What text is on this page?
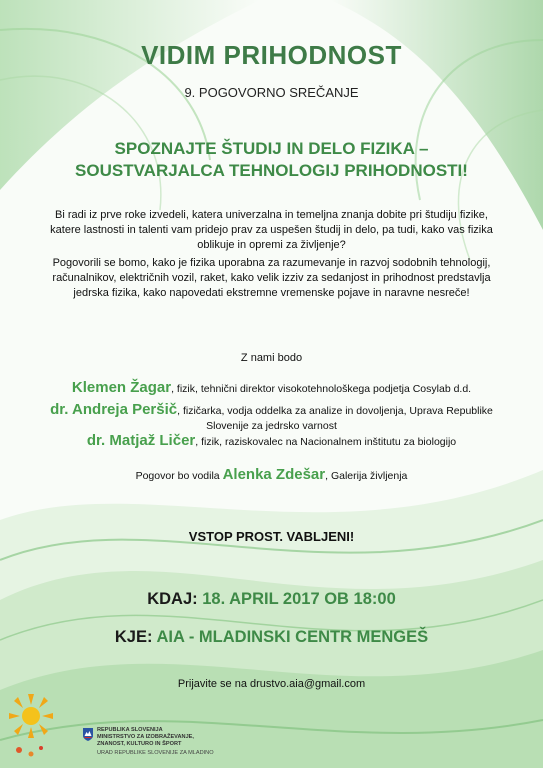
VIDIM PRIHODNOST
9. POGOVORNO SREČANJE
SPOZNAJTE ŠTUDIJ IN DELO FIZIKA –
SOUSTVARJALCA TEHNOLOGIJ PRIHODNOSTI!
Bi radi iz prve roke izvedeli, katera univerzalna in temeljna znanja dobite pri študiju fizike, katere lastnosti in talenti vam pridejo prav za uspešen študij in delo, pa tudi, kako vas fizika oblikuje in opremi za življenje?
Pogovorili se bomo, kako je fizika uporabna za razumevanje in razvoj sodobnih tehnologij, računalnikov, električnih vozil, raket, kako velik izziv za sedanjost in prihodnost predstavlja jedrska fizika, kako napovedati ekstremne vremenske pojave in naravne nesreče!
Z nami bodo
Klemen Žagar, fizik, tehnični direktor visokotehnološkega podjetja Cosylab d.d.
dr. Andreja Peršič, fizičarka, vodja oddelka za analize in dovoljenja, Uprava Republike Slovenije za jedrsko varnost
dr. Matjaž Ličer, fizik, raziskovalec na Nacionalnem inštitutu za biologijo
Pogovor bo vodila Alenka Zdešar, Galerija življenja
VSTOP PROST. VABLJENI!
KDAJ: 18. APRIL 2017 OB 18:00
KJE: AIA - MLADINSKI CENTR MENGEŠ
Prijavite se na drustvo.aia@gmail.com
REPUBLIKA SLOVENIJA
MINISTRSTVO ZA IZOBRAŽEVANJE,
ZNANOST, KULTURO IN ŠPORT
URAD REPUBLIKE SLOVENIJE ZA MLADINO
